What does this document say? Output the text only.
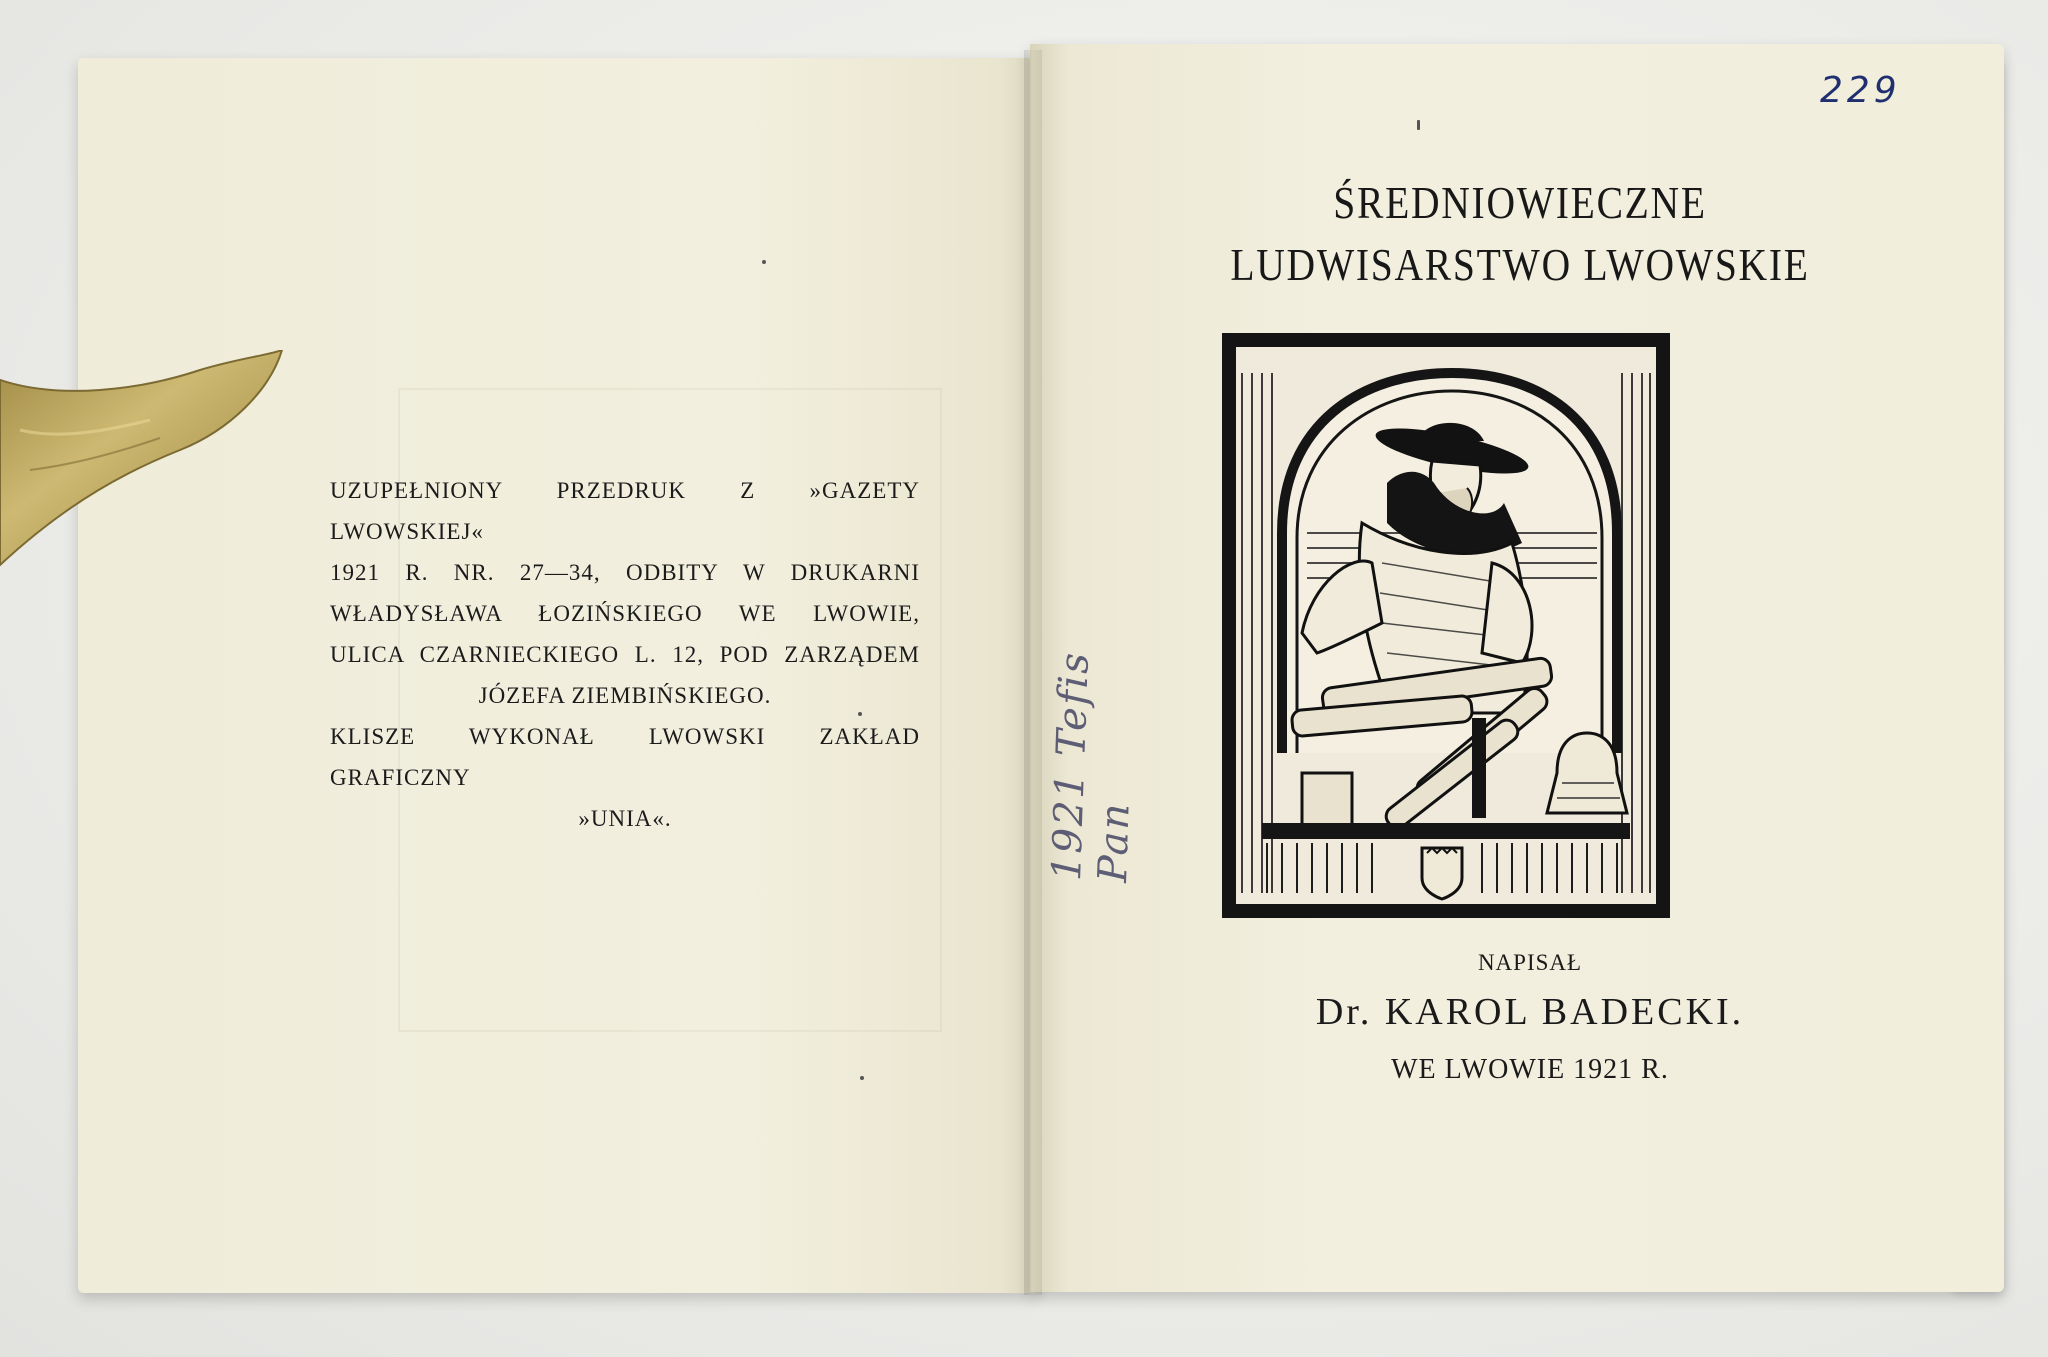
UZUPEŁNIONY PRZEDRUK Z »GAZETY LWOWSKIEJ«
1921 R. NR. 27—34, ODBITY W DRUKARNI
WŁADYSŁAWA ŁOZIŃSKIEGO WE LWOWIE,
ULICA CZARNIECKIEGO L. 12, POD ZARZĄDEM
JÓZEFA ZIEMBIŃSKIEGO.
KLISZE WYKONAŁ LWOWSKI ZAKŁAD GRAFICZNY
»UNIA«.
229
ŚREDNIOWIECZNE
LUDWISARSTWO LWOWSKIE
1921 Tefis Pan
NAPISAŁ
Dr. KAROL BADECKI.
WE LWOWIE 1921 R.
